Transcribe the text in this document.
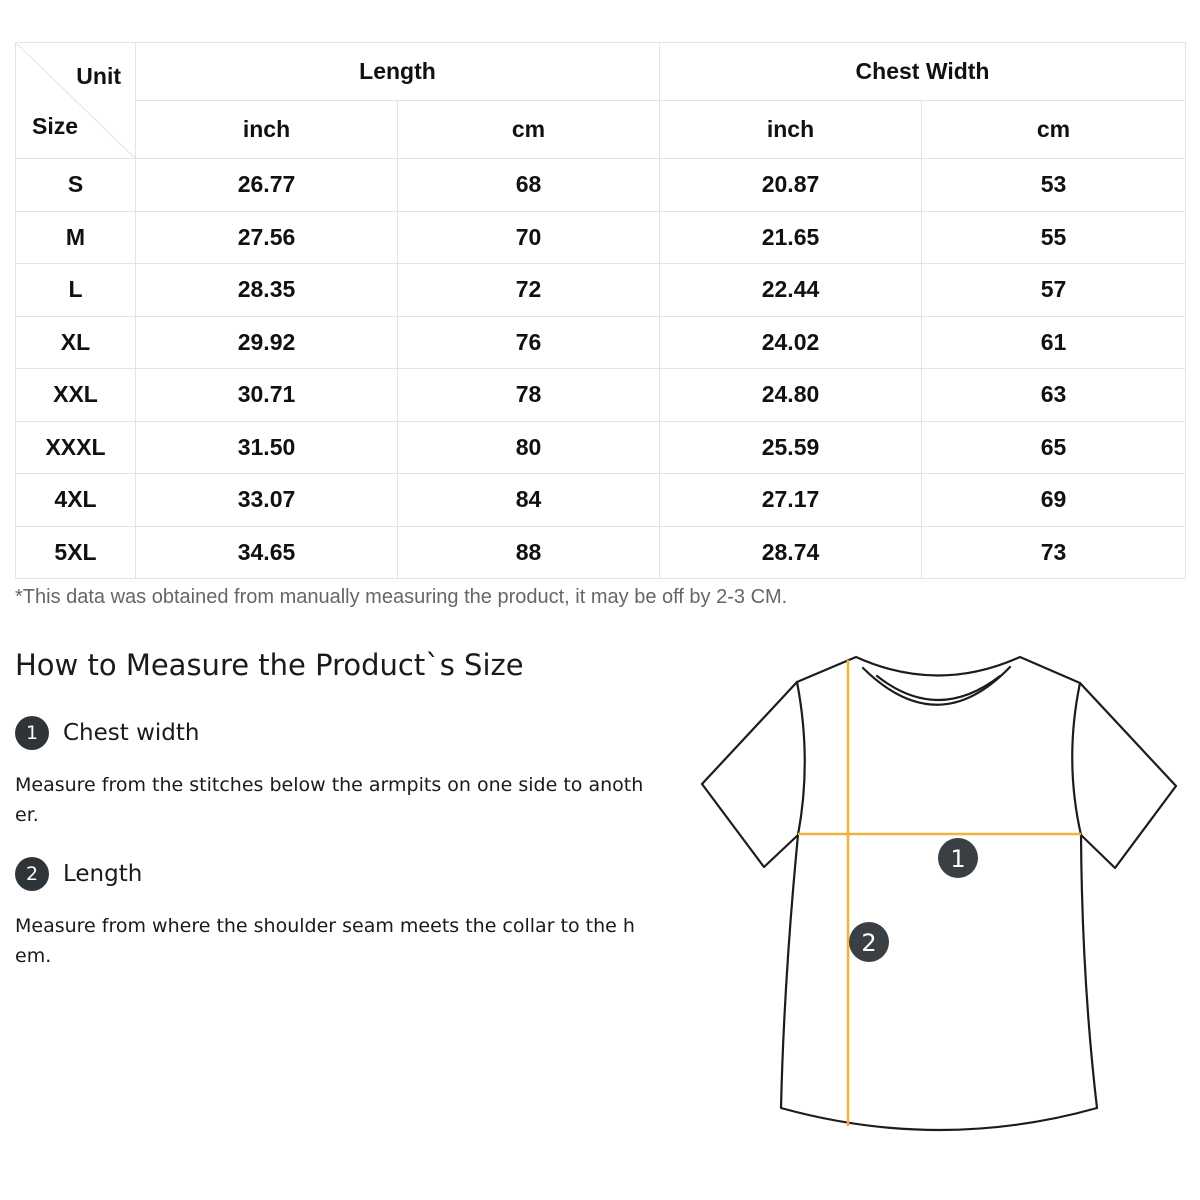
Unit
Size	Length		Chest Width	
	inch	cm	inch	cm
S	26.77	68	20.87	53
M	27.56	70	21.65	55
L	28.35	72	22.44	57
XL	29.92	76	24.02	61
XXL	30.71	78	24.80	63
XXXL	31.50	80	25.59	65
4XL	33.07	84	27.17	69
5XL	34.65	88	28.74	73

*This data was obtained from manually measuring the product, it may be off by 2-3 CM.

How to Measure the Product`s Size
1	Chest width

Measure from the stitches below the armpits on one side to another.

2	Length

Measure from where the shoulder seam meets the collar to the hem.

1
2
